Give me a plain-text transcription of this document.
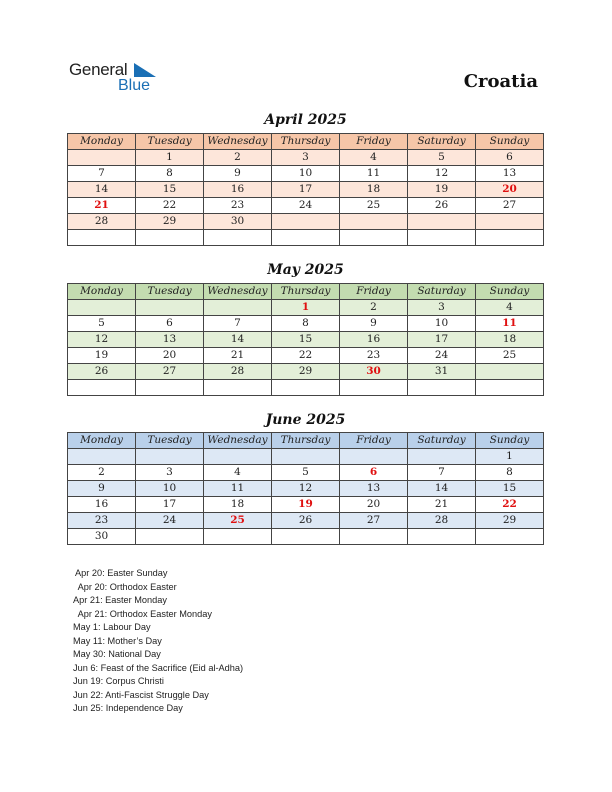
General
Blue	Croatia
April 2025
Monday	Tuesday	Wednesday	Thursday	Friday	Saturday	Sunday
	1	2	3	4	5	6
7	8	9	10	11	12	13
14	15	16	17	18	19	20
21	22	23	24	25	26	27
28	29	30				

May 2025
Monday	Tuesday	Wednesday	Thursday	Friday	Saturday	Sunday
			1	2	3	4
5	6	7	8	9	10	11
12	13	14	15	16	17	18
19	20	21	22	23	24	25
26	27	28	29	30	31	

June 2025
Monday	Tuesday	Wednesday	Thursday	Friday	Saturday	Sunday
						1
2	3	4	5	6	7	8
9	10	11	12	13	14	15
16	17	18	19	20	21	22
23	24	25	26	27	28	29
30						
Apr 20: Easter Sunday
Apr 20: Orthodox Easter
Apr 21: Easter Monday
Apr 21: Orthodox Easter Monday
May 1: Labour Day
May 11: Mother’s Day
May 30: National Day
Jun 6: Feast of the Sacrifice (Eid al-Adha)
Jun 19: Corpus Christi
Jun 22: Anti-Fascist Struggle Day
Jun 25: Independence Day
